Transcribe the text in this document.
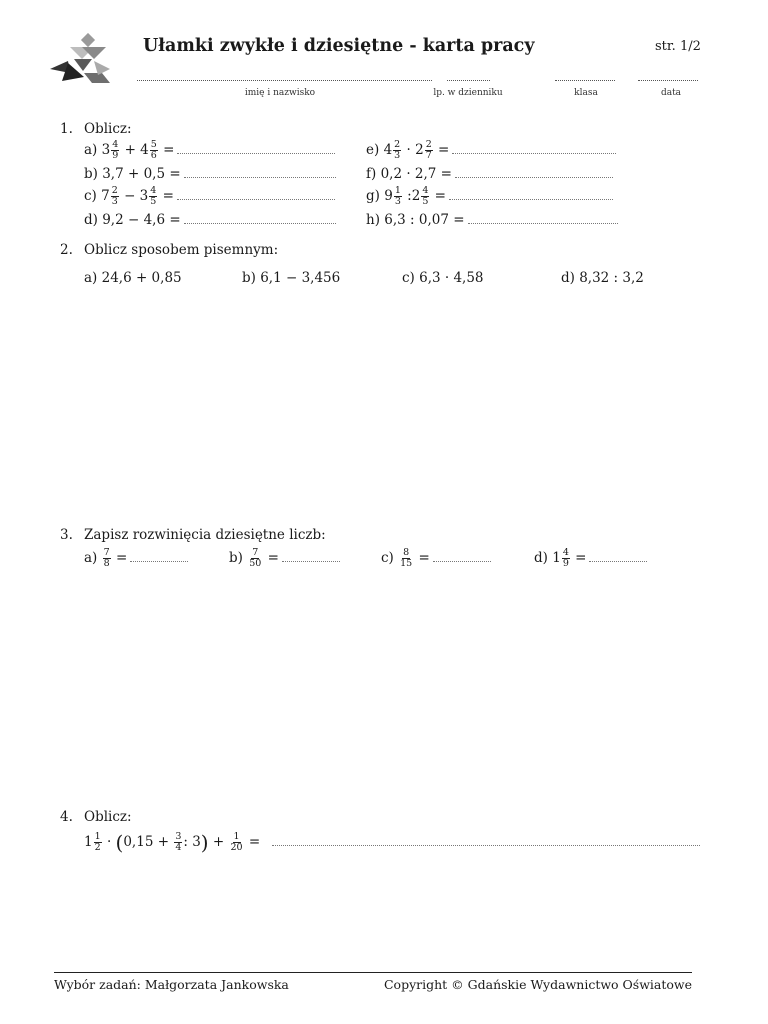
Ułamki zwykłe i dziesiętne - karta pracy	str. 1/2
imię i nazwisko	lp. w dzienniku	klasa	data
1. Oblicz:
a) $3 \frac{4}{9} + 4 \frac{5}{6}$ =
b) 3,7 + 0,5 =
c) $7 \frac{2}{3} - 3 \frac{4}{5}$ =
d) 9,2 − 4,6 =
e) $4 \frac{2}{3} \cdot 2 \frac{2}{7}$ =
f) 0,2 · 2,7 =
g) $9 \frac{1}{3}$ :2 $\frac{4}{5}$ =
h) 6,3 : 0,07 =
2. Oblicz sposobem pisemnym:
a) 24,6 + 0,85	b) 6,1 − 3,456	c) 6,3 · 4,58	d) 8,32 : 3,2
3. Zapisz rozwinięcia dziesiętne liczb:
$a) \frac{7}{8}$ =	$b) \frac{7}{50}$ =	$c) \frac{8}{15}$ =	d) $1 \frac{4}{9}$ =
4. Oblicz:
$1 \frac{1}{2} \cdot (0,15 + \frac{3}{4}$ : $3) + \frac{1}{20}$ =
Wybór zadań: Małgorzata Jankowska	Copyright © Gdańskie Wydawnictwo Oświatowe
